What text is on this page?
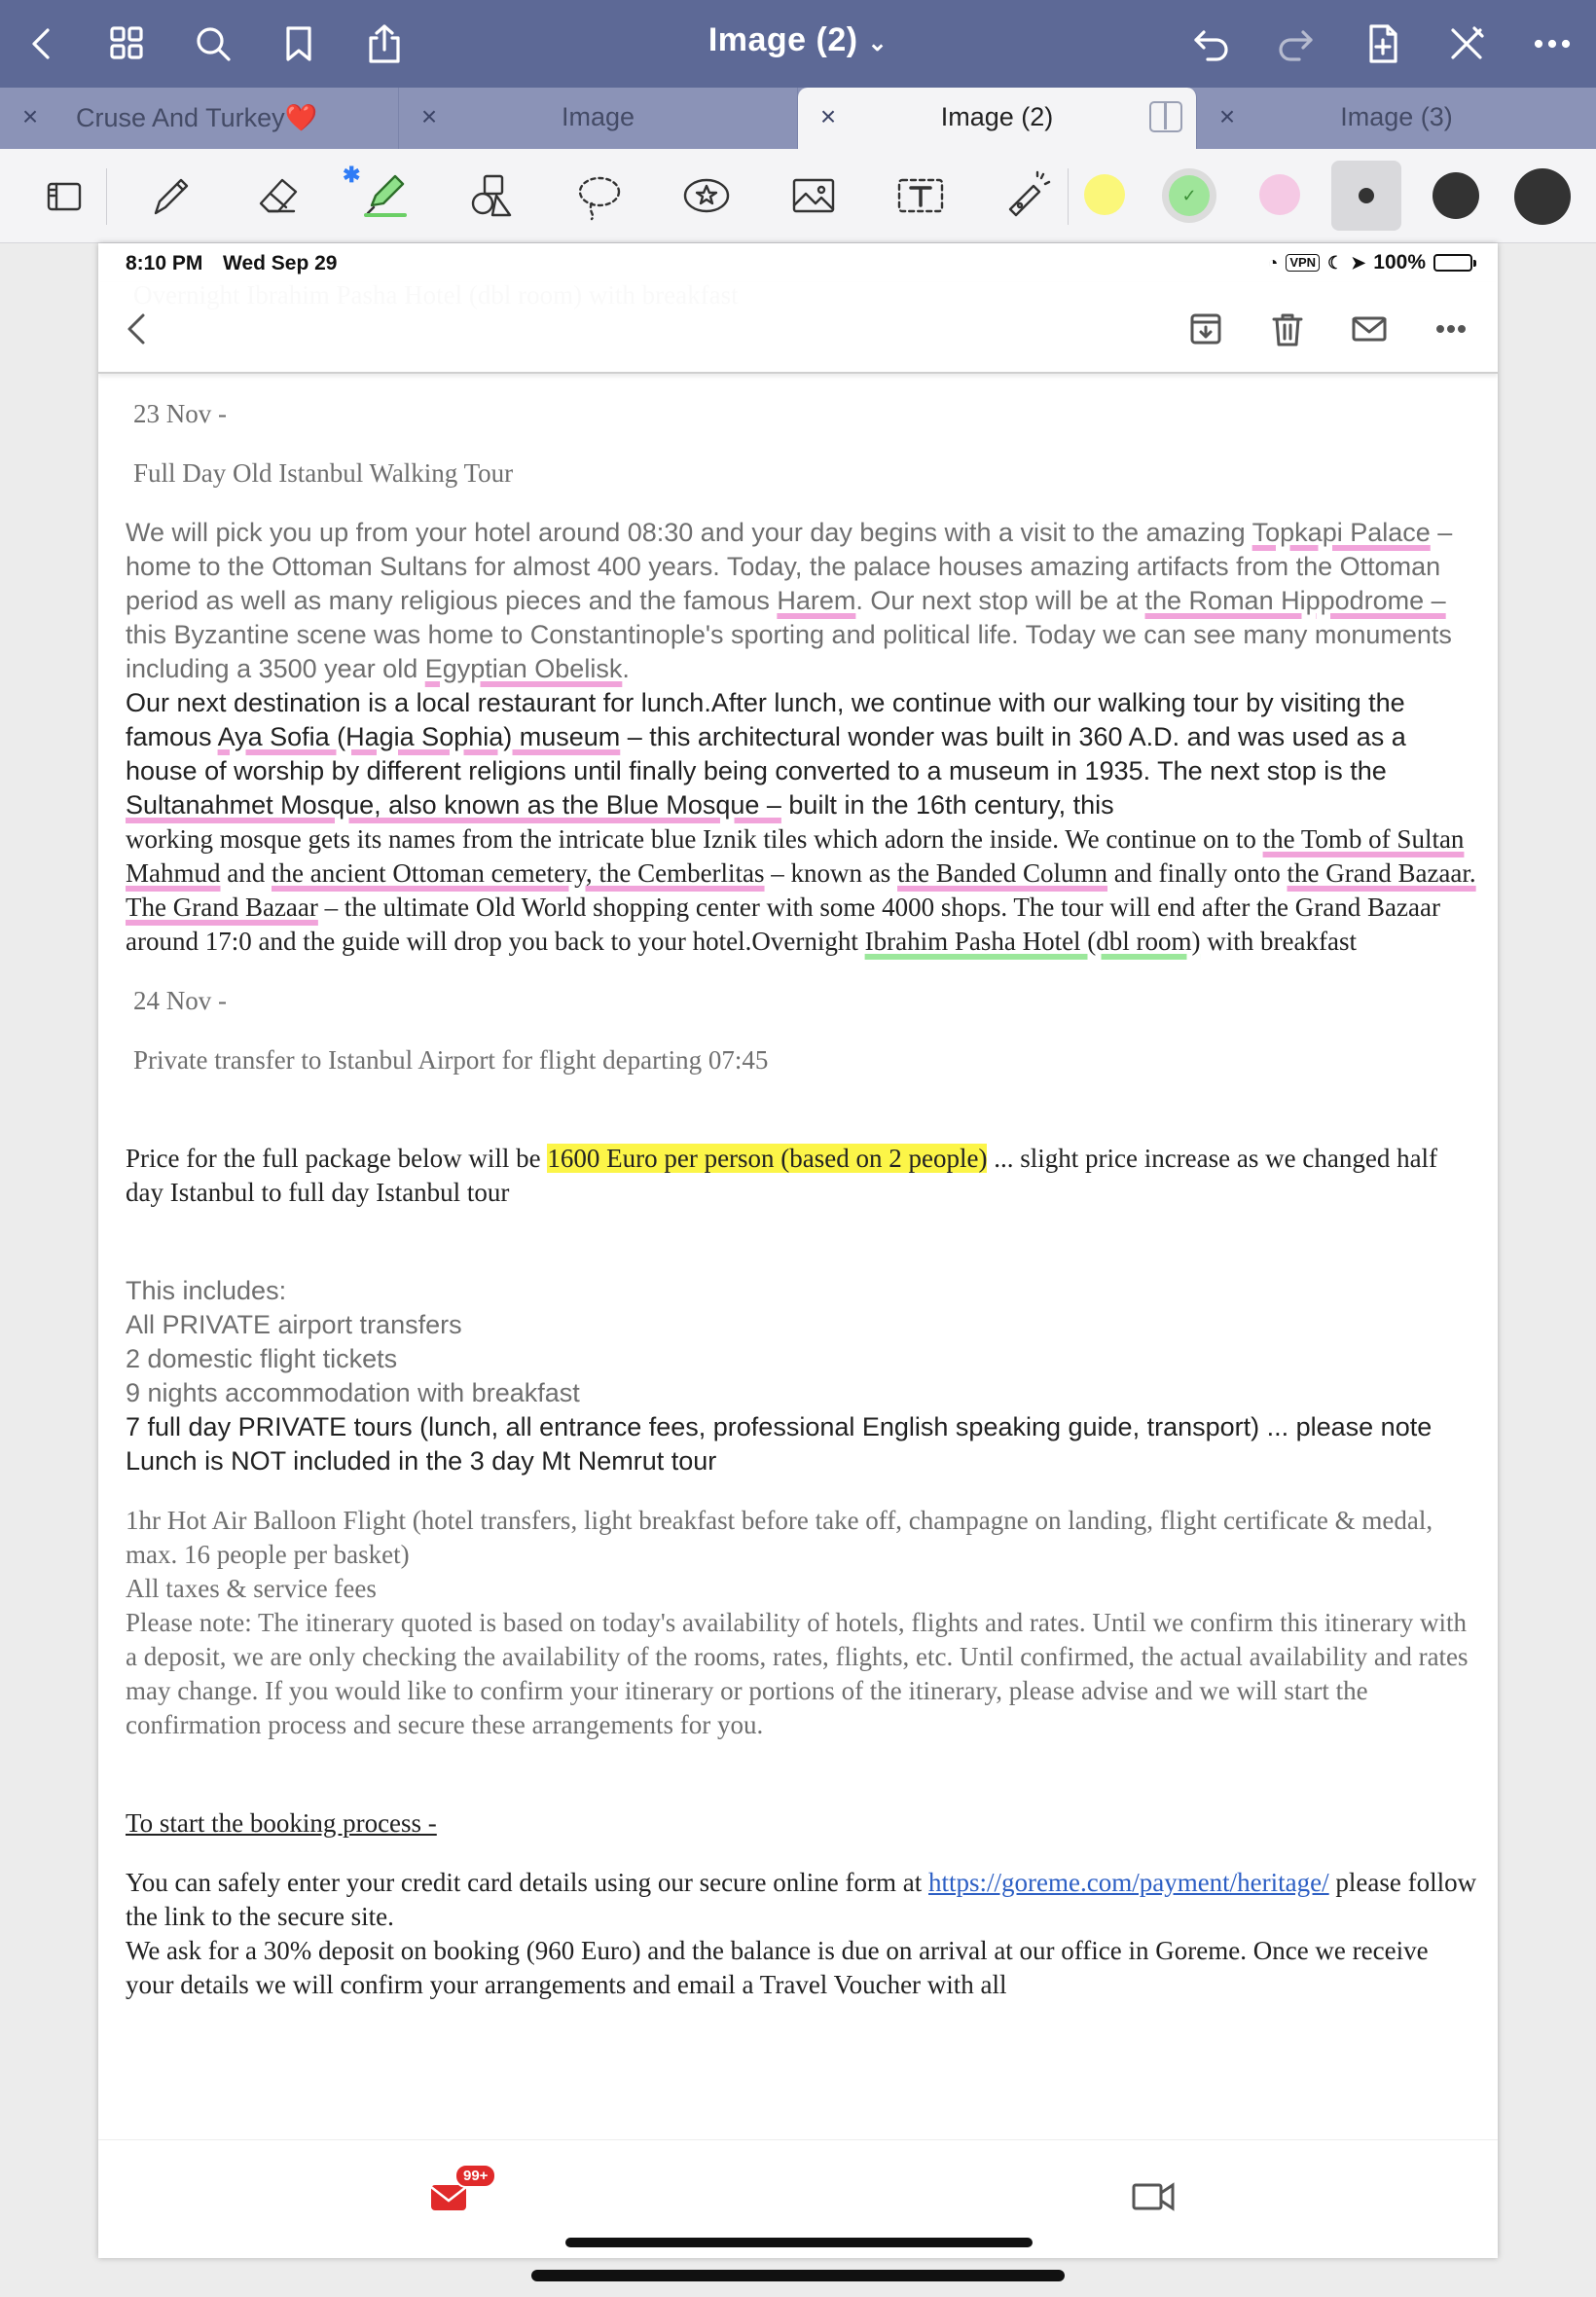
Image (2) ⌄
×	Cruse And Turkey❤️	×	Image	×	Image (2)	×	Image (3)
✱
✓
8:10 PM Wed Sep 29	◔ VPN ☾ ➤ 100%
23 Nov -
Full Day Old Istanbul Walking Tour
We will pick you up from your hotel around 08:30 and your day begins with a visit to the amazing Topkapi Palace – home to the Ottoman Sultans for almost 400 years. Today, the palace houses amazing artifacts from the Ottoman period as well as many religious pieces and the famous Harem. Our next stop will be at the Roman Hippodrome – this Byzantine scene was home to Constantinople's sporting and political life. Today we can see many monuments including a 3500 year old Egyptian Obelisk.
Our next destination is a local restaurant for lunch.After lunch, we continue with our walking tour by visiting the famous Aya Sofia (Hagia Sophia) museum – this architectural wonder was built in 360 A.D. and was used as a house of worship by different religions until finally being converted to a museum in 1935. The next stop is the Sultanahmet Mosque, also known as the Blue Mosque – built in the 16th century, this
working mosque gets its names from the intricate blue Iznik tiles which adorn the inside. We continue on to the Tomb of Sultan Mahmud and the ancient Ottoman cemetery, the Cemberlitas – known as the Banded Column and finally onto the Grand Bazaar. The Grand Bazaar – the ultimate Old World shopping center with some 4000 shops. The tour will end after the Grand Bazaar around 17:0 and the guide will drop you back to your hotel.Overnight Ibrahim Pasha Hotel (dbl room) with breakfast
24 Nov -
Private transfer to Istanbul Airport for flight departing 07:45
Price for the full package below will be 1600 Euro per person (based on 2 people) ... slight price increase as we changed half day Istanbul to full day Istanbul tour
This includes:
All PRIVATE airport transfers
2 domestic flight tickets
9 nights accommodation with breakfast
7 full day PRIVATE tours (lunch, all entrance fees, professional English speaking guide, transport) ... please note Lunch is NOT included in the 3 day Mt Nemrut tour
1hr Hot Air Balloon Flight (hotel transfers, light breakfast before take off, champagne on landing, flight certificate & medal, max. 16 people per basket)
All taxes & service fees
Please note: The itinerary quoted is based on today's availability of hotels, flights and rates. Until we confirm this itinerary with a deposit, we are only checking the availability of the rooms, rates, flights, etc. Until confirmed, the actual availability and rates may change. If you would like to confirm your itinerary or portions of the itinerary, please advise and we will start the confirmation process and secure these arrangements for you.
To start the booking process -
You can safely enter your credit card details using our secure online form at https://goreme.com/payment/heritage/ please follow the link to the secure site.
We ask for a 30% deposit on booking (960 Euro) and the balance is due on arrival at our office in Goreme. Once we receive your details we will confirm your arrangements and email a Travel Voucher with all
99+
